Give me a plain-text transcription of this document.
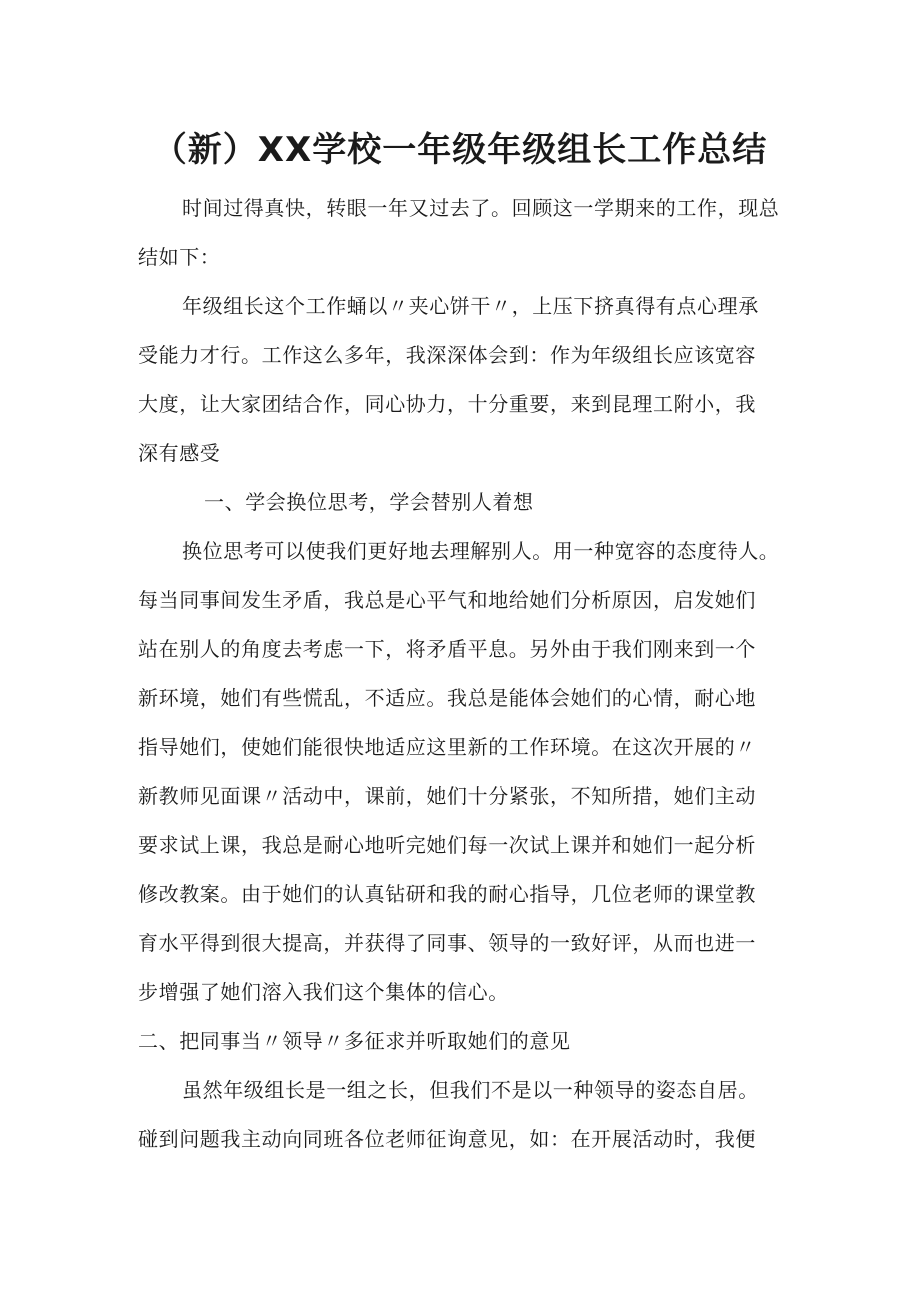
（新）XX学校一年级年级组长工作总结
时间过得真快，转眼一年又过去了。回顾这一学期来的工作，现总
结如下：
年级组长这个工作蛹以〃夹心饼干〃，上压下挤真得有点心理承
受能力才行。工作这么多年，我深深体会到：作为年级组长应该宽容
大度，让大家团结合作，同心协力，十分重要，来到昆理工附小，我
深有感受
一、学会换位思考，学会替别人着想
换位思考可以使我们更好地去理解别人。用一种宽容的态度待人。
每当同事间发生矛盾，我总是心平气和地给她们分析原因，启发她们
站在别人的角度去考虑一下，将矛盾平息。另外由于我们刚来到一个
新环境，她们有些慌乱，不适应。我总是能体会她们的心情，耐心地
指导她们，使她们能很快地适应这里新的工作环境。在这次开展的〃
新教师见面课〃活动中，课前，她们十分紧张，不知所措，她们主动
要求试上课，我总是耐心地听完她们每一次试上课并和她们一起分析
修改教案。由于她们的认真钻研和我的耐心指导，几位老师的课堂教
育水平得到很大提高，并获得了同事、领导的一致好评，从而也进一
步增强了她们溶入我们这个集体的信心。
二、把同事当〃领导〃多征求并听取她们的意见
虽然年级组长是一组之长，但我们不是以一种领导的姿态自居。
碰到问题我主动向同班各位老师征询意见，如：在开展活动时，我便
